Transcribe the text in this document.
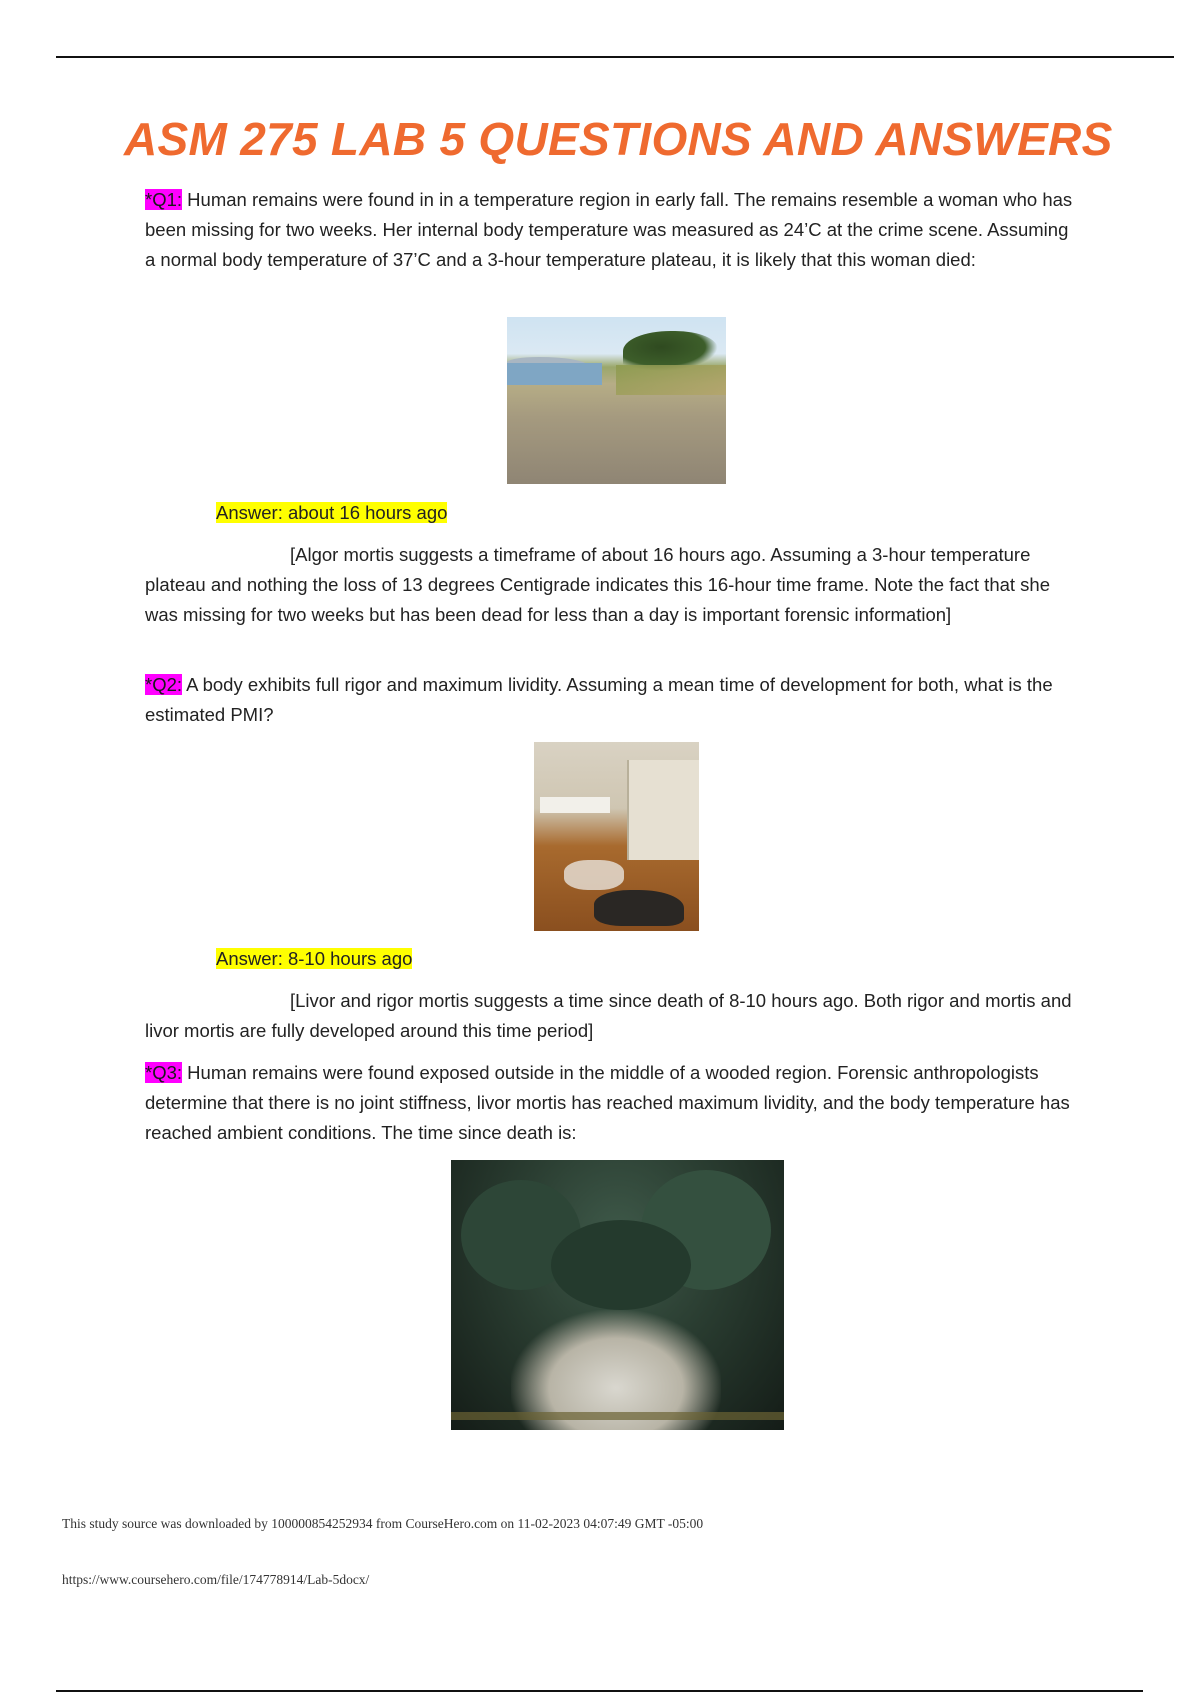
ASM 275 LAB 5 QUESTIONS AND ANSWERS

*Q1: Human remains were found in in a temperature region in early fall. The remains resemble a woman who has been missing for two weeks. Her internal body temperature was measured as 24’C at the crime scene. Assuming a normal body temperature of 37’C and a 3-hour temperature plateau, it is likely that this woman died:

Answer: about 16 hours ago

[Algor mortis suggests a timeframe of about 16 hours ago. Assuming a 3-hour temperature plateau and nothing the loss of 13 degrees Centigrade indicates this 16-hour time frame. Note the fact that she was missing for two weeks but has been dead for less than a day is important forensic information]

*Q2: A body exhibits full rigor and maximum lividity. Assuming a mean time of development for both, what is the estimated PMI?

Answer: 8-10 hours ago

[Livor and rigor mortis suggests a time since death of 8-10 hours ago. Both rigor and mortis and livor mortis are fully developed around this time period]

*Q3: Human remains were found exposed outside in the middle of a wooded region. Forensic anthropologists determine that there is no joint stiffness, livor mortis has reached maximum lividity, and the body temperature has reached ambient conditions. The time since death is:

This study source was downloaded by 100000854252934 from CourseHero.com on 11-02-2023 04:07:49 GMT -05:00

https://www.coursehero.com/file/174778914/Lab-5docx/
